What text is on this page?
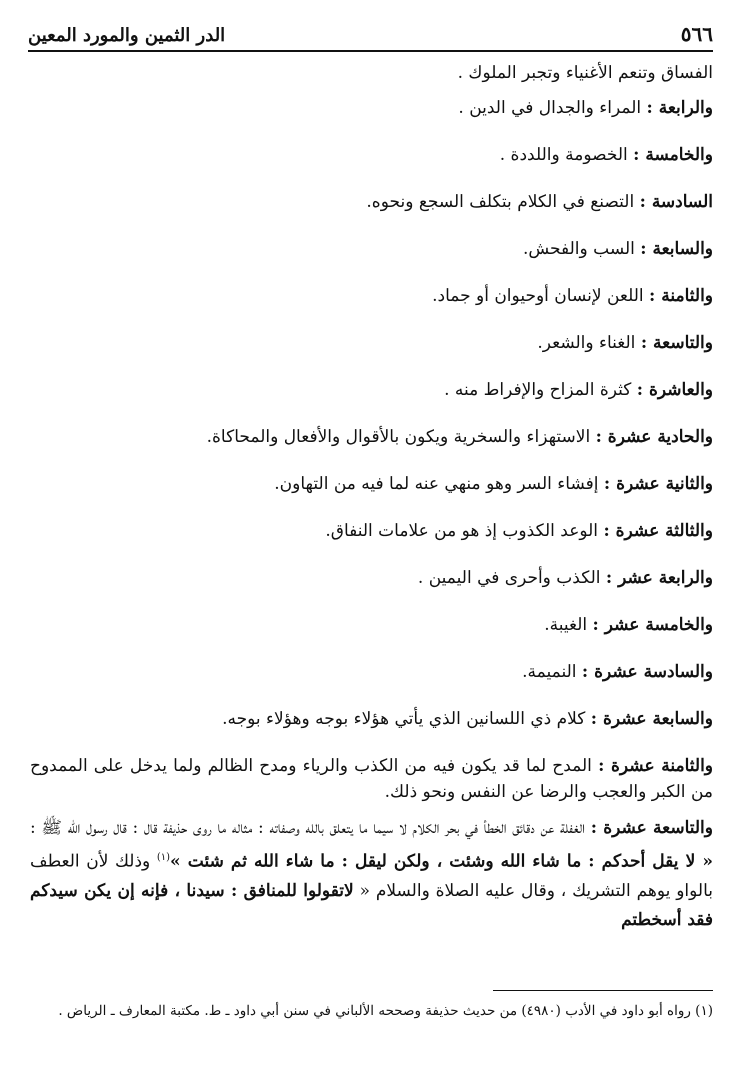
٥٦٦
الدر الثمين والمورد المعين

الفساق وتنعم الأغنياء وتجبر الملوك .

والرابعة : المراء والجدال في الدين .

والخامسة : الخصومة واللددة .

السادسة : التصنع في الكلام بتكلف السجع ونحوه.

والسابعة : السب والفحش.

والثامنة : اللعن لإنسان أوحيوان أو جماد.

والتاسعة : الغناء والشعر.

والعاشرة : كثرة المزاح والإفراط منه .

والحادية عشرة : الاستهزاء والسخرية ويكون بالأقوال والأفعال والمحاكاة.

والثانية عشرة : إفشاء السر وهو منهي عنه لما فيه من التهاون.

والثالثة عشرة : الوعد الكذوب إذ هو من علامات النفاق.

والرابعة عشر : الكذب وأحرى في اليمين .

والخامسة عشر : الغيبة.

والسادسة عشرة : النميمة.

والسابعة عشرة : كلام ذي اللسانين الذي يأتي هؤلاء بوجه وهؤلاء بوجه.

والثامنة عشرة : المدح لما قد يكون فيه من الكذب والرياء ومدح الظالم ولما يدخل على الممدوح من الكبر والعجب والرضا عن النفس ونحو ذلك.

والتاسعة عشرة : الغفلة عن دقائق الخطأ في بحر الكلام لا سيما ما يتعلق بالله وصفاته : مثاله ما روى حذيفة قال : قال رسول الله ﷺ : « لا يقل أحدكم : ما شاء الله وشئت ، ولكن ليقل : ما شاء الله ثم شئت »$^{(١)}$ وذلك لأن العطف بالواو يوهم التشريك ، وقال عليه الصلاة والسلام « لاتقولوا للمنافق : سيدنا ، فإنه إن يكن سيدكم فقد أسخطتم

(١) رواه أبو داود في الأدب (٤٩٨٠) من حديث حذيفة وصححه الألباني في سنن أبي داود ـ ط. مكتبة المعارف ـ الرياض .
